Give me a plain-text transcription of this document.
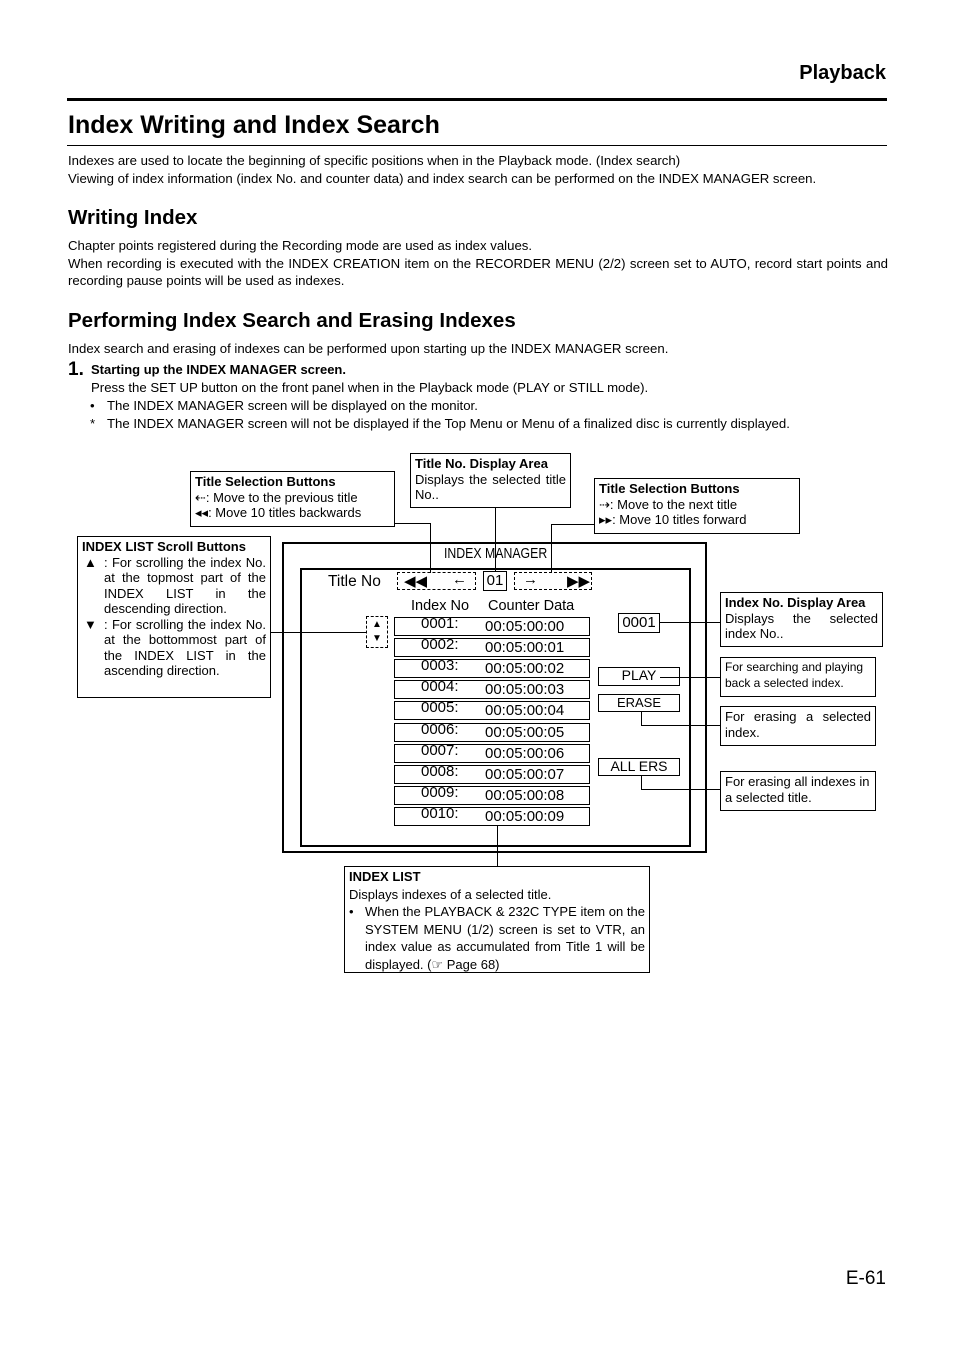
Playback
Index Writing and Index Search
Indexes are used to locate the beginning of specific positions when in the Playback mode. (Index search)
Viewing of index information (index No. and counter data) and index search can be performed on the INDEX MANAGER screen.
Writing Index
Chapter points registered during the Recording mode are used as index values.
When recording is executed with the INDEX CREATION item on the RECORDER MENU (2/2) screen set to AUTO, record start points and recording pause points will be used as indexes.
Performing Index Search and Erasing Indexes
Index search and erasing of indexes can be performed upon starting up the INDEX MANAGER screen.
1. Starting up the INDEX MANAGER screen.
Press the SET UP button on the front panel when in the Playback mode (PLAY or STILL mode).
• The INDEX MANAGER screen will be displayed on the monitor.
* The INDEX MANAGER screen will not be displayed if the Top Menu or Menu of a finalized disc is currently displayed.
INDEX MANAGER
Title No ◀◀ ← 01 → ▶▶
Index No Counter Data
▲
▼
0001: 00:05:00:00
0002: 00:05:00:01
0003: 00:05:00:02
0004: 00:05:00:03
0005: 00:05:00:04
0006: 00:05:00:05
0007: 00:05:00:06
0008: 00:05:00:07
0009: 00:05:00:08
0010: 00:05:00:09
0001
PLAY
ERASE
ALL ERS
Title Selection Buttons
⇠: Move to the previous title
◂◂: Move 10 titles backwards
Title No. Display Area
Displays the selected title No..	Title Selection Buttons
⇢: Move to the next title
▸▸: Move 10 titles forward
INDEX LIST Scroll Buttons
▲ : For scrolling the index No. at the topmost part of the INDEX LIST in the descending direction.
▼ : For scrolling the index No. at the bottommost part of the INDEX LIST in the ascending direction.
Index No. Display Area
Displays the selected index No..
For searching and playing back a selected index.
For erasing a selected index.
For erasing all indexes in a selected title.
INDEX LIST
Displays indexes of a selected title.
• When the PLAYBACK & 232C TYPE item on the SYSTEM MENU (1/2) screen is set to VTR, an index value as accumulated from Title 1 will be displayed. (☞ Page 68)
E-61
